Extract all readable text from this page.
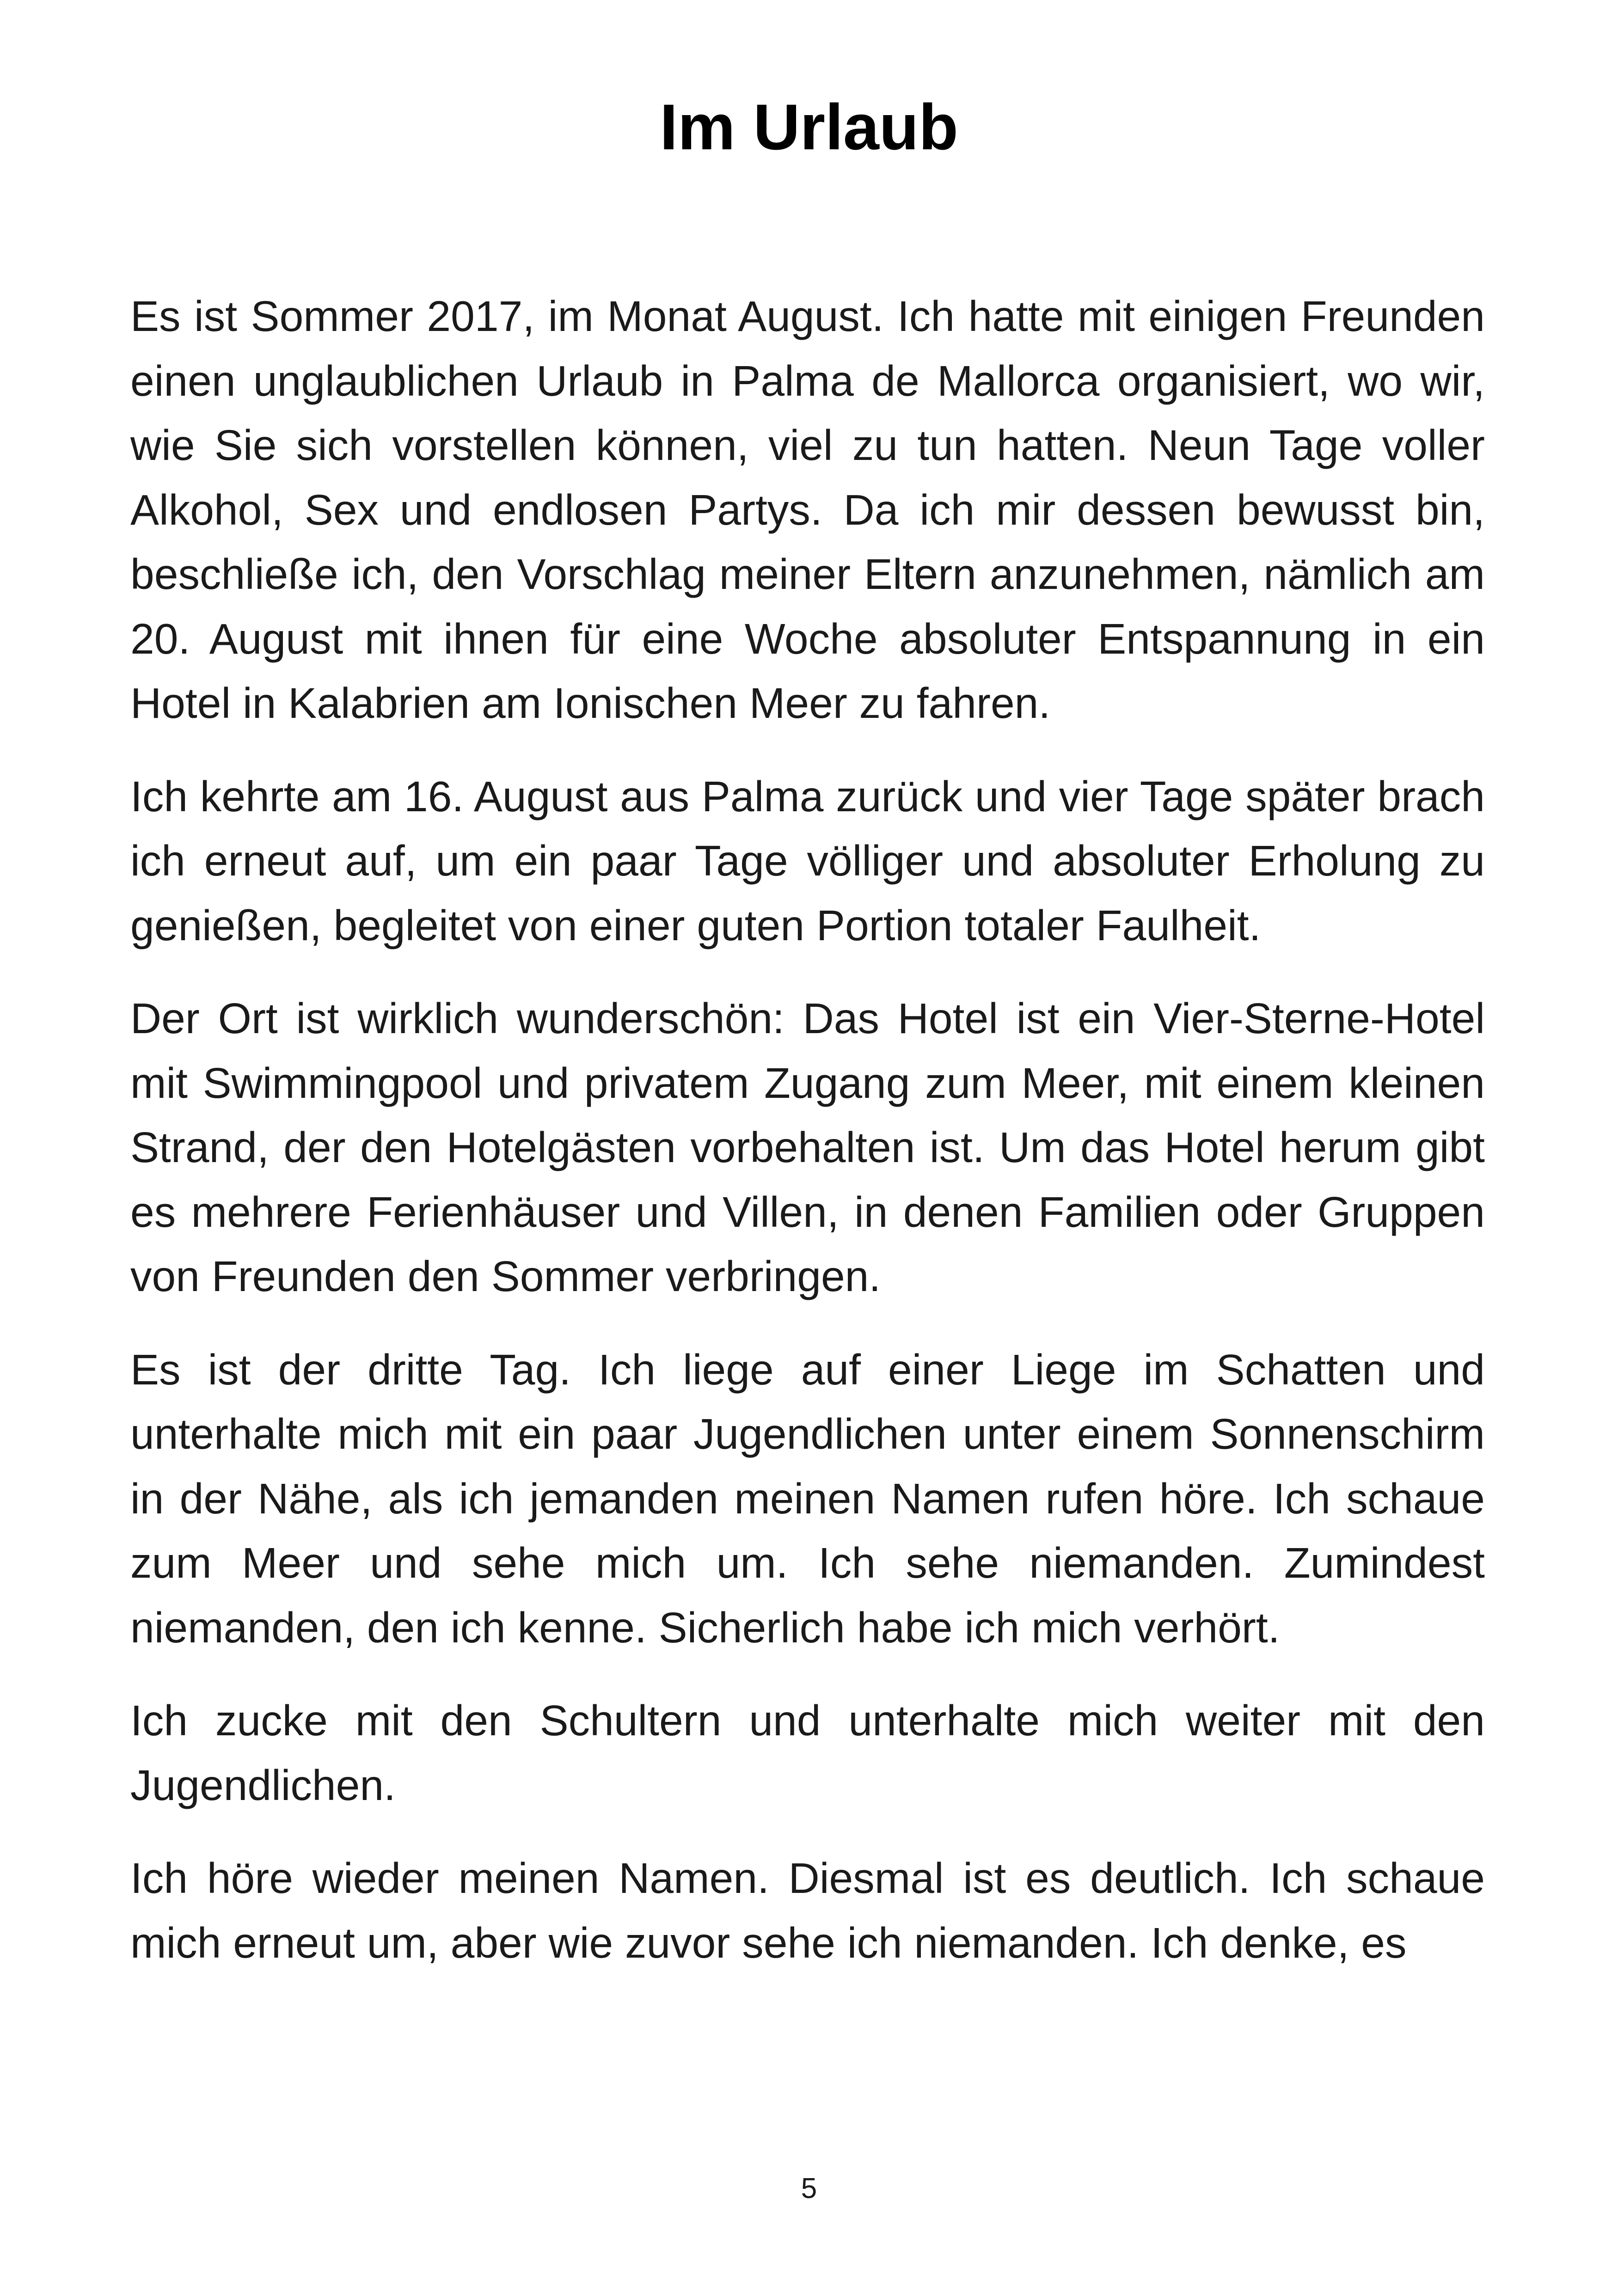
Im Urlaub

Es ist Sommer 2017, im Monat August. Ich hatte mit einigen Freunden einen unglaublichen Urlaub in Palma de Mallorca organisiert, wo wir, wie Sie sich vorstellen können, viel zu tun hatten. Neun Tage voller Alkohol, Sex und endlosen Partys. Da ich mir dessen bewusst bin, beschließe ich, den Vorschlag meiner Eltern anzunehmen, nämlich am 20. August mit ihnen für eine Woche absoluter Entspannung in ein Hotel in Kalabrien am Ionischen Meer zu fahren.

Ich kehrte am 16. August aus Palma zurück und vier Tage später brach ich erneut auf, um ein paar Tage völliger und absoluter Erholung zu genießen, begleitet von einer guten Portion totaler Faulheit.

Der Ort ist wirklich wunderschön: Das Hotel ist ein Vier-Sterne-Hotel mit Swimmingpool und privatem Zugang zum Meer, mit einem kleinen Strand, der den Hotelgästen vorbehalten ist. Um das Hotel herum gibt es mehrere Ferienhäuser und Villen, in denen Familien oder Gruppen von Freunden den Sommer verbringen.

Es ist der dritte Tag. Ich liege auf einer Liege im Schatten und unterhalte mich mit ein paar Jugendlichen unter einem Sonnenschirm in der Nähe, als ich jemanden meinen Namen rufen höre. Ich schaue zum Meer und sehe mich um. Ich sehe niemanden. Zumindest niemanden, den ich kenne. Sicherlich habe ich mich verhört.

Ich zucke mit den Schultern und unterhalte mich weiter mit den Jugendlichen.

Ich höre wieder meinen Namen. Diesmal ist es deutlich. Ich schaue mich erneut um, aber wie zuvor sehe ich niemanden. Ich denke, es

5
